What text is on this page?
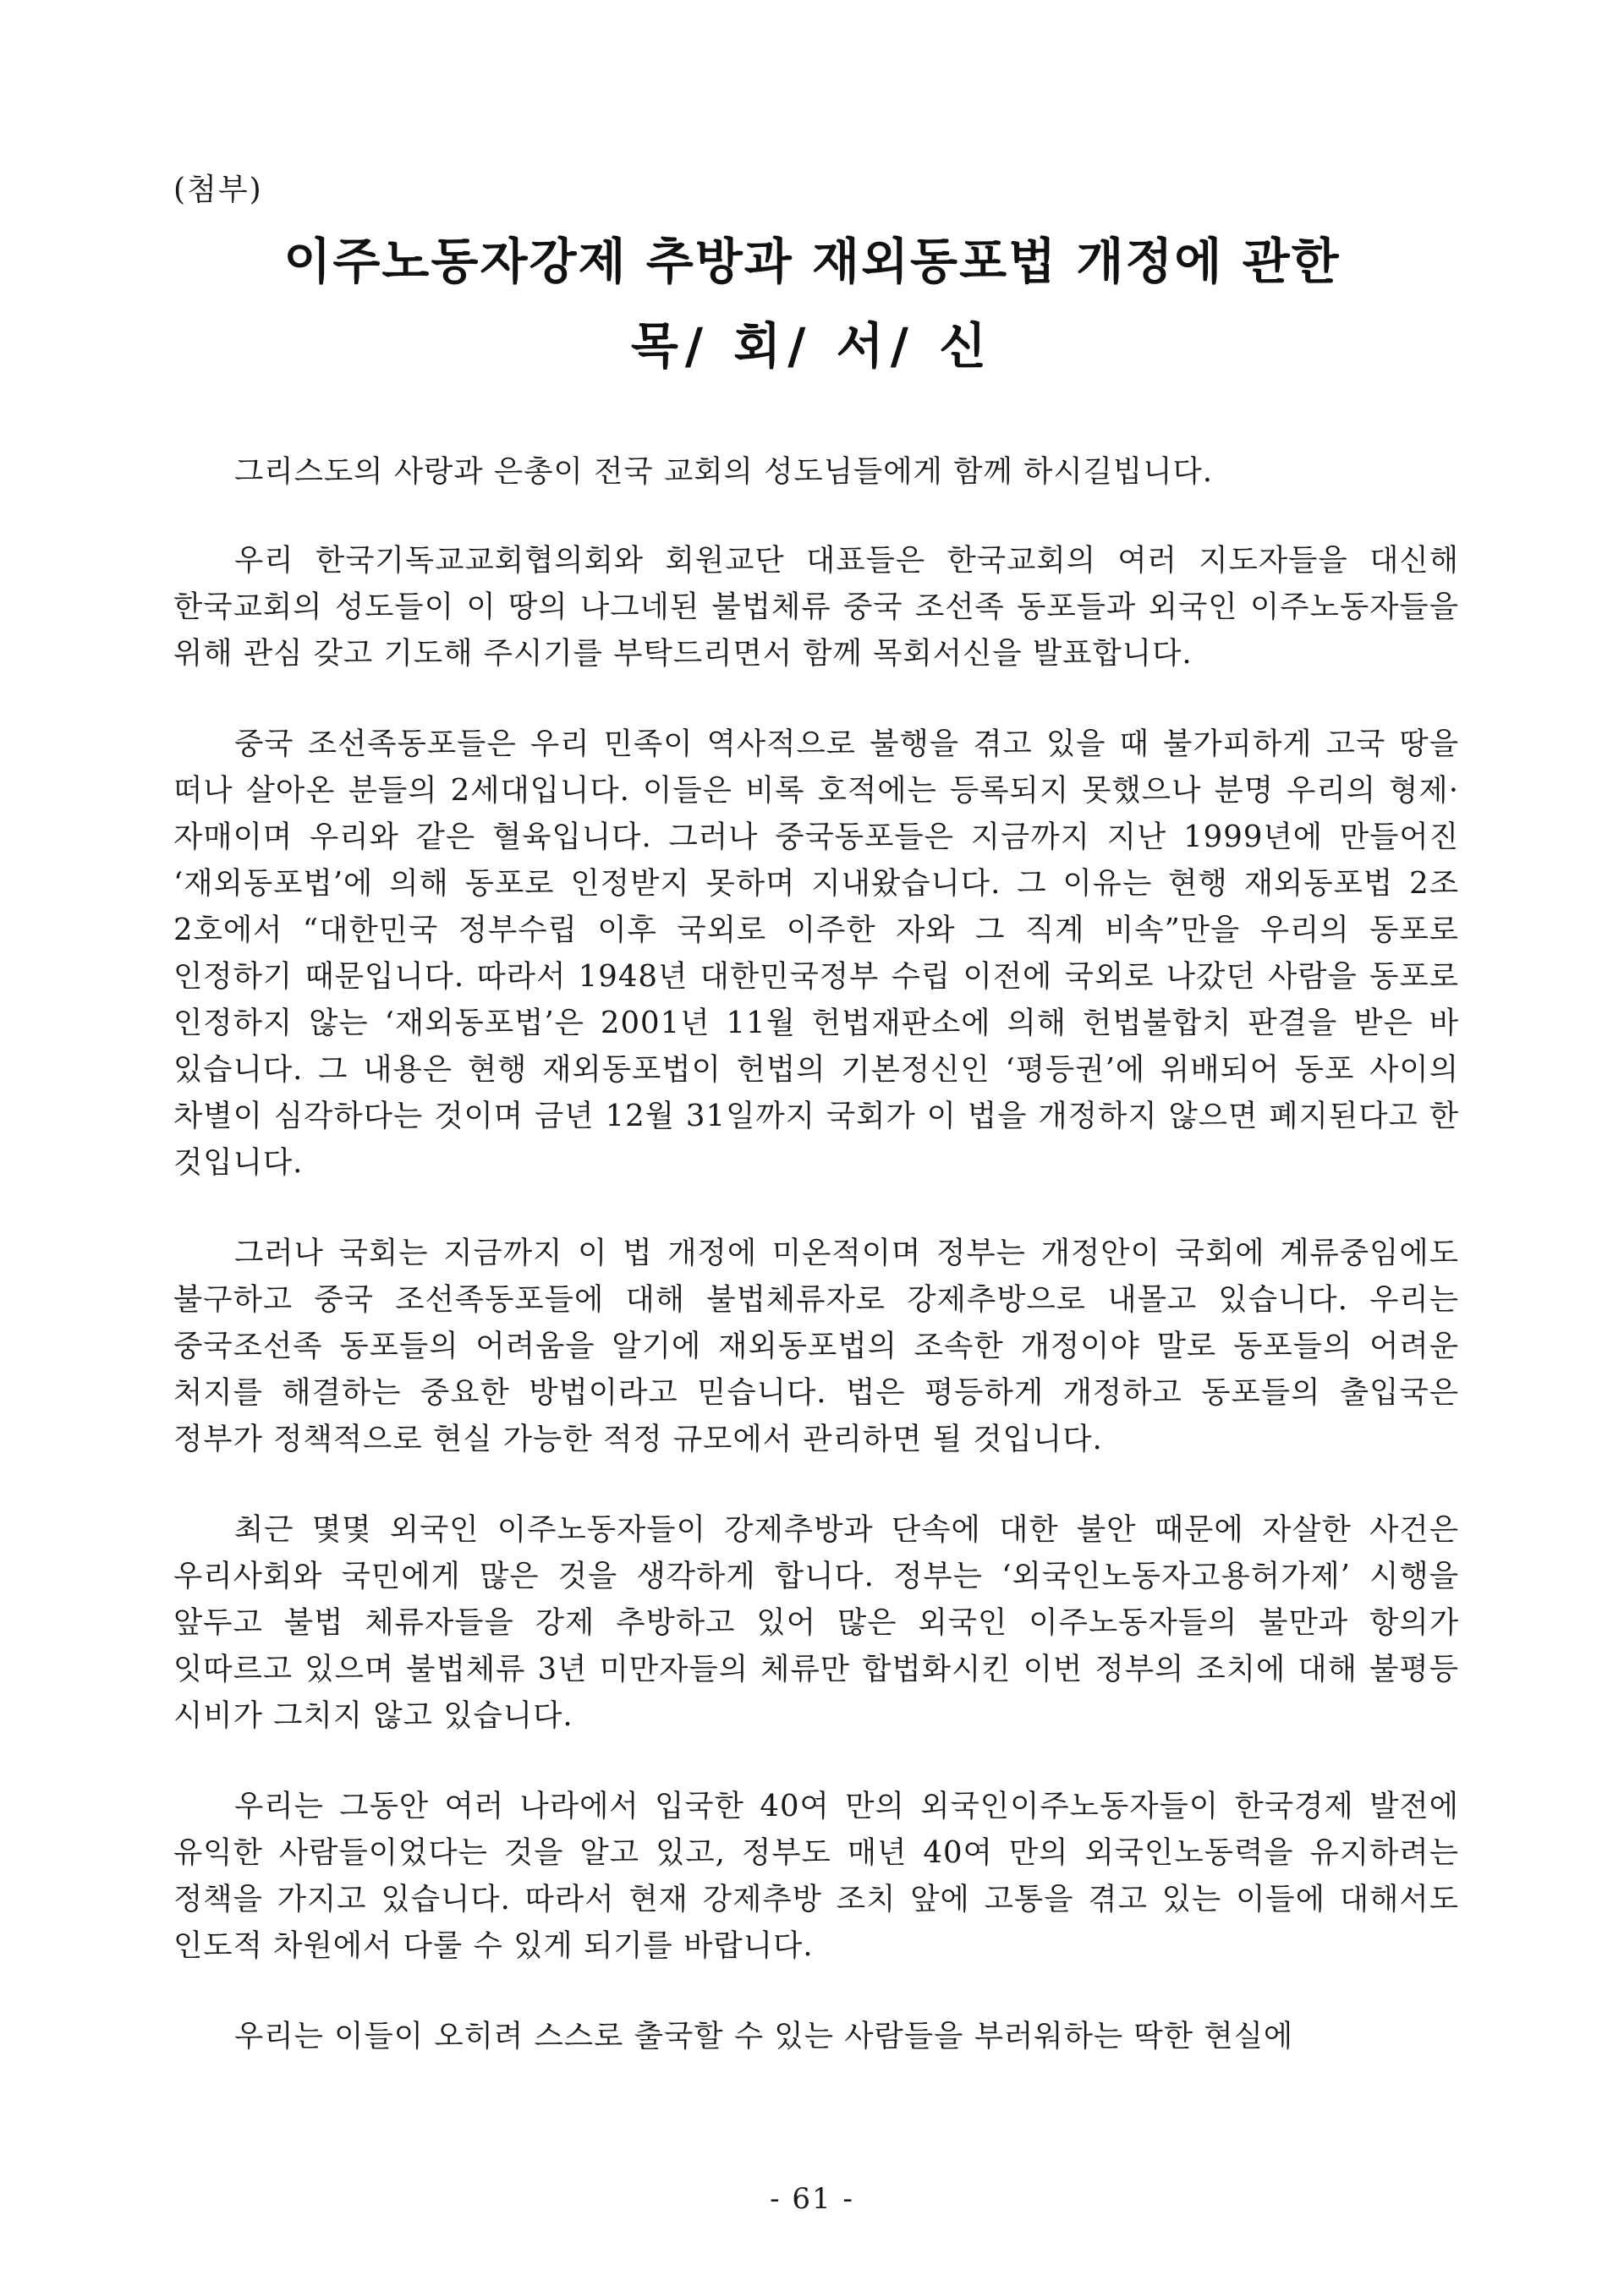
(첨부)
이주노동자강제 추방과 재외동포법 개정에 관한
목/ 회/ 서/ 신

그리스도의 사랑과 은총이 전국 교회의 성도님들에게 함께 하시길빕니다.

우리 한국기독교교회협의회와 회원교단 대표들은 한국교회의 여러 지도자들을 대신해 한국교회의 성도들이 이 땅의 나그네된 불법체류 중국 조선족 동포들과 외국인 이주노동자들을 위해 관심 갖고 기도해 주시기를 부탁드리면서 함께 목회서신을 발표합니다.

중국 조선족동포들은 우리 민족이 역사적으로 불행을 겪고 있을 때 불가피하게 고국 땅을 떠나 살아온 분들의 2세대입니다. 이들은 비록 호적에는 등록되지 못했으나 분명 우리의 형제· 자매이며 우리와 같은 혈육입니다. 그러나 중국동포들은 지금까지 지난 1999년에 만들어진 ‘재외동포법’에 의해 동포로 인정받지 못하며 지내왔습니다. 그 이유는 현행 재외동포법 2조 2호에서 “대한민국 정부수립 이후 국외로 이주한 자와 그 직계 비속”만을 우리의 동포로 인정하기 때문입니다. 따라서 1948년 대한민국정부 수립 이전에 국외로 나갔던 사람을 동포로 인정하지 않는 ‘재외동포법’은 2001년 11월 헌법재판소에 의해 헌법불합치 판결을 받은 바 있습니다. 그 내용은 현행 재외동포법이 헌법의 기본정신인 ‘평등권’에 위배되어 동포 사이의 차별이 심각하다는 것이며 금년 12월 31일까지 국회가 이 법을 개정하지 않으면 폐지된다고 한 것입니다.

그러나 국회는 지금까지 이 법 개정에 미온적이며 정부는 개정안이 국회에 계류중임에도 불구하고 중국 조선족동포들에 대해 불법체류자로 강제추방으로 내몰고 있습니다. 우리는 중국조선족 동포들의 어려움을 알기에 재외동포법의 조속한 개정이야 말로 동포들의 어려운 처지를 해결하는 중요한 방법이라고 믿습니다. 법은 평등하게 개정하고 동포들의 출입국은 정부가 정책적으로 현실 가능한 적정 규모에서 관리하면 될 것입니다.

최근 몇몇 외국인 이주노동자들이 강제추방과 단속에 대한 불안 때문에 자살한 사건은 우리사회와 국민에게 많은 것을 생각하게 합니다. 정부는 ‘외국인노동자고용허가제’ 시행을 앞두고 불법 체류자들을 강제 추방하고 있어 많은 외국인 이주노동자들의 불만과 항의가 잇따르고 있으며 불법체류 3년 미만자들의 체류만 합법화시킨 이번 정부의 조치에 대해 불평등 시비가 그치지 않고 있습니다.

우리는 그동안 여러 나라에서 입국한 40여 만의 외국인이주노동자들이 한국경제 발전에 유익한 사람들이었다는 것을 알고 있고, 정부도 매년 40여 만의 외국인노동력을 유지하려는 정책을 가지고 있습니다. 따라서 현재 강제추방 조치 앞에 고통을 겪고 있는 이들에 대해서도 인도적 차원에서 다룰 수 있게 되기를 바랍니다.

우리는 이들이 오히려 스스로 출국할 수 있는 사람들을 부러워하는 딱한 현실에

- 61 -
